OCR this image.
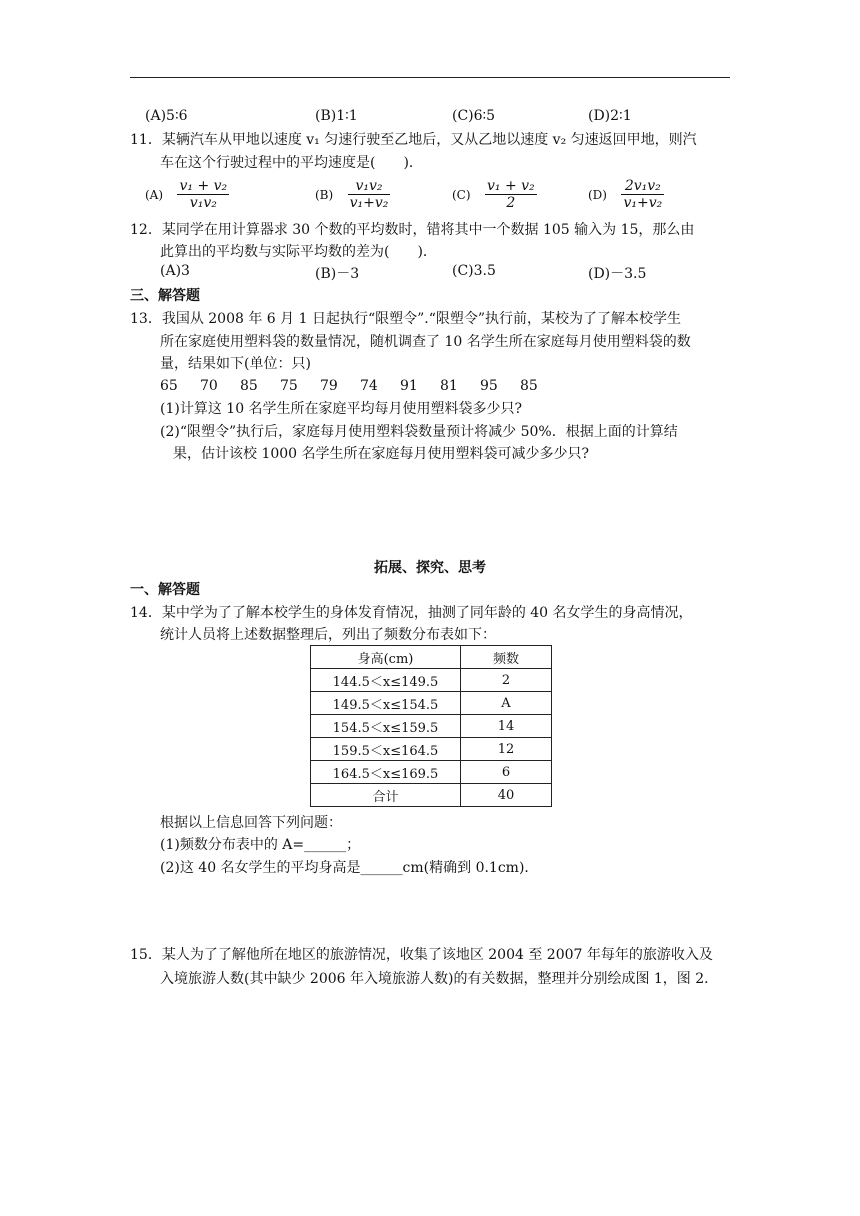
(A)5∶6	(B)1∶1	(C)6∶5	(D)2∶1
11．某辆汽车从甲地以速度 v₁ 匀速行驶至乙地后，又从乙地以速度 v₂ 匀速返回甲地，则汽
车在这个行驶过程中的平均速度是(　　)．
$(A) \frac{\text{v₁ + v₂}}{\text{v₁v₂}}$	$(B) \frac{\text{v₁v₂}}{\text{v₁+v₂}}$	$(C) \frac{\text{v₁ + v₂}}{2}$	$(D) \frac{\text{2v₁v₂}}{\text{v₁+v₂}}$
12．某同学在用计算器求 30 个数的平均数时，错将其中一个数据 105 输入为 15，那么由
此算出的平均数与实际平均数的差为(　　)．
(A)3	(B)－3	(C)3.5	(D)－3.5
三、解答题
13．我国从 2008 年 6 月 1 日起执行“限塑令”.“限塑令”执行前，某校为了了解本校学生
所在家庭使用塑料袋的数量情况，随机调查了 10 名学生所在家庭每月使用塑料袋的数
量，结果如下(单位：只)
65 70 85 75 79 74 91 81 95 85
(1)计算这 10 名学生所在家庭平均每月使用塑料袋多少只?
(2)“限塑令”执行后，家庭每月使用塑料袋数量预计将减少 50%．根据上面的计算结
果，估计该校 1000 名学生所在家庭每月使用塑料袋可减少多少只?
拓展、探究、思考
一、解答题
14．某中学为了了解本校学生的身体发育情况，抽测了同年龄的 40 名女学生的身高情况，
统计人员将上述数据整理后，列出了频数分布表如下：
身高(cm)	频数
144.5＜x≤149.5	2
149.5＜x≤154.5	A
154.5＜x≤159.5	14
159.5＜x≤164.5	12
164.5＜x≤169.5	6
合计	40
根据以上信息回答下列问题：
(1)频数分布表中的 A=______；
(2)这 40 名女学生的平均身高是______cm(精确到 0.1cm)．
15．某人为了了解他所在地区的旅游情况，收集了该地区 2004 至 2007 年每年的旅游收入及
入境旅游人数(其中缺少 2006 年入境旅游人数)的有关数据，整理并分别绘成图 1，图 2．
